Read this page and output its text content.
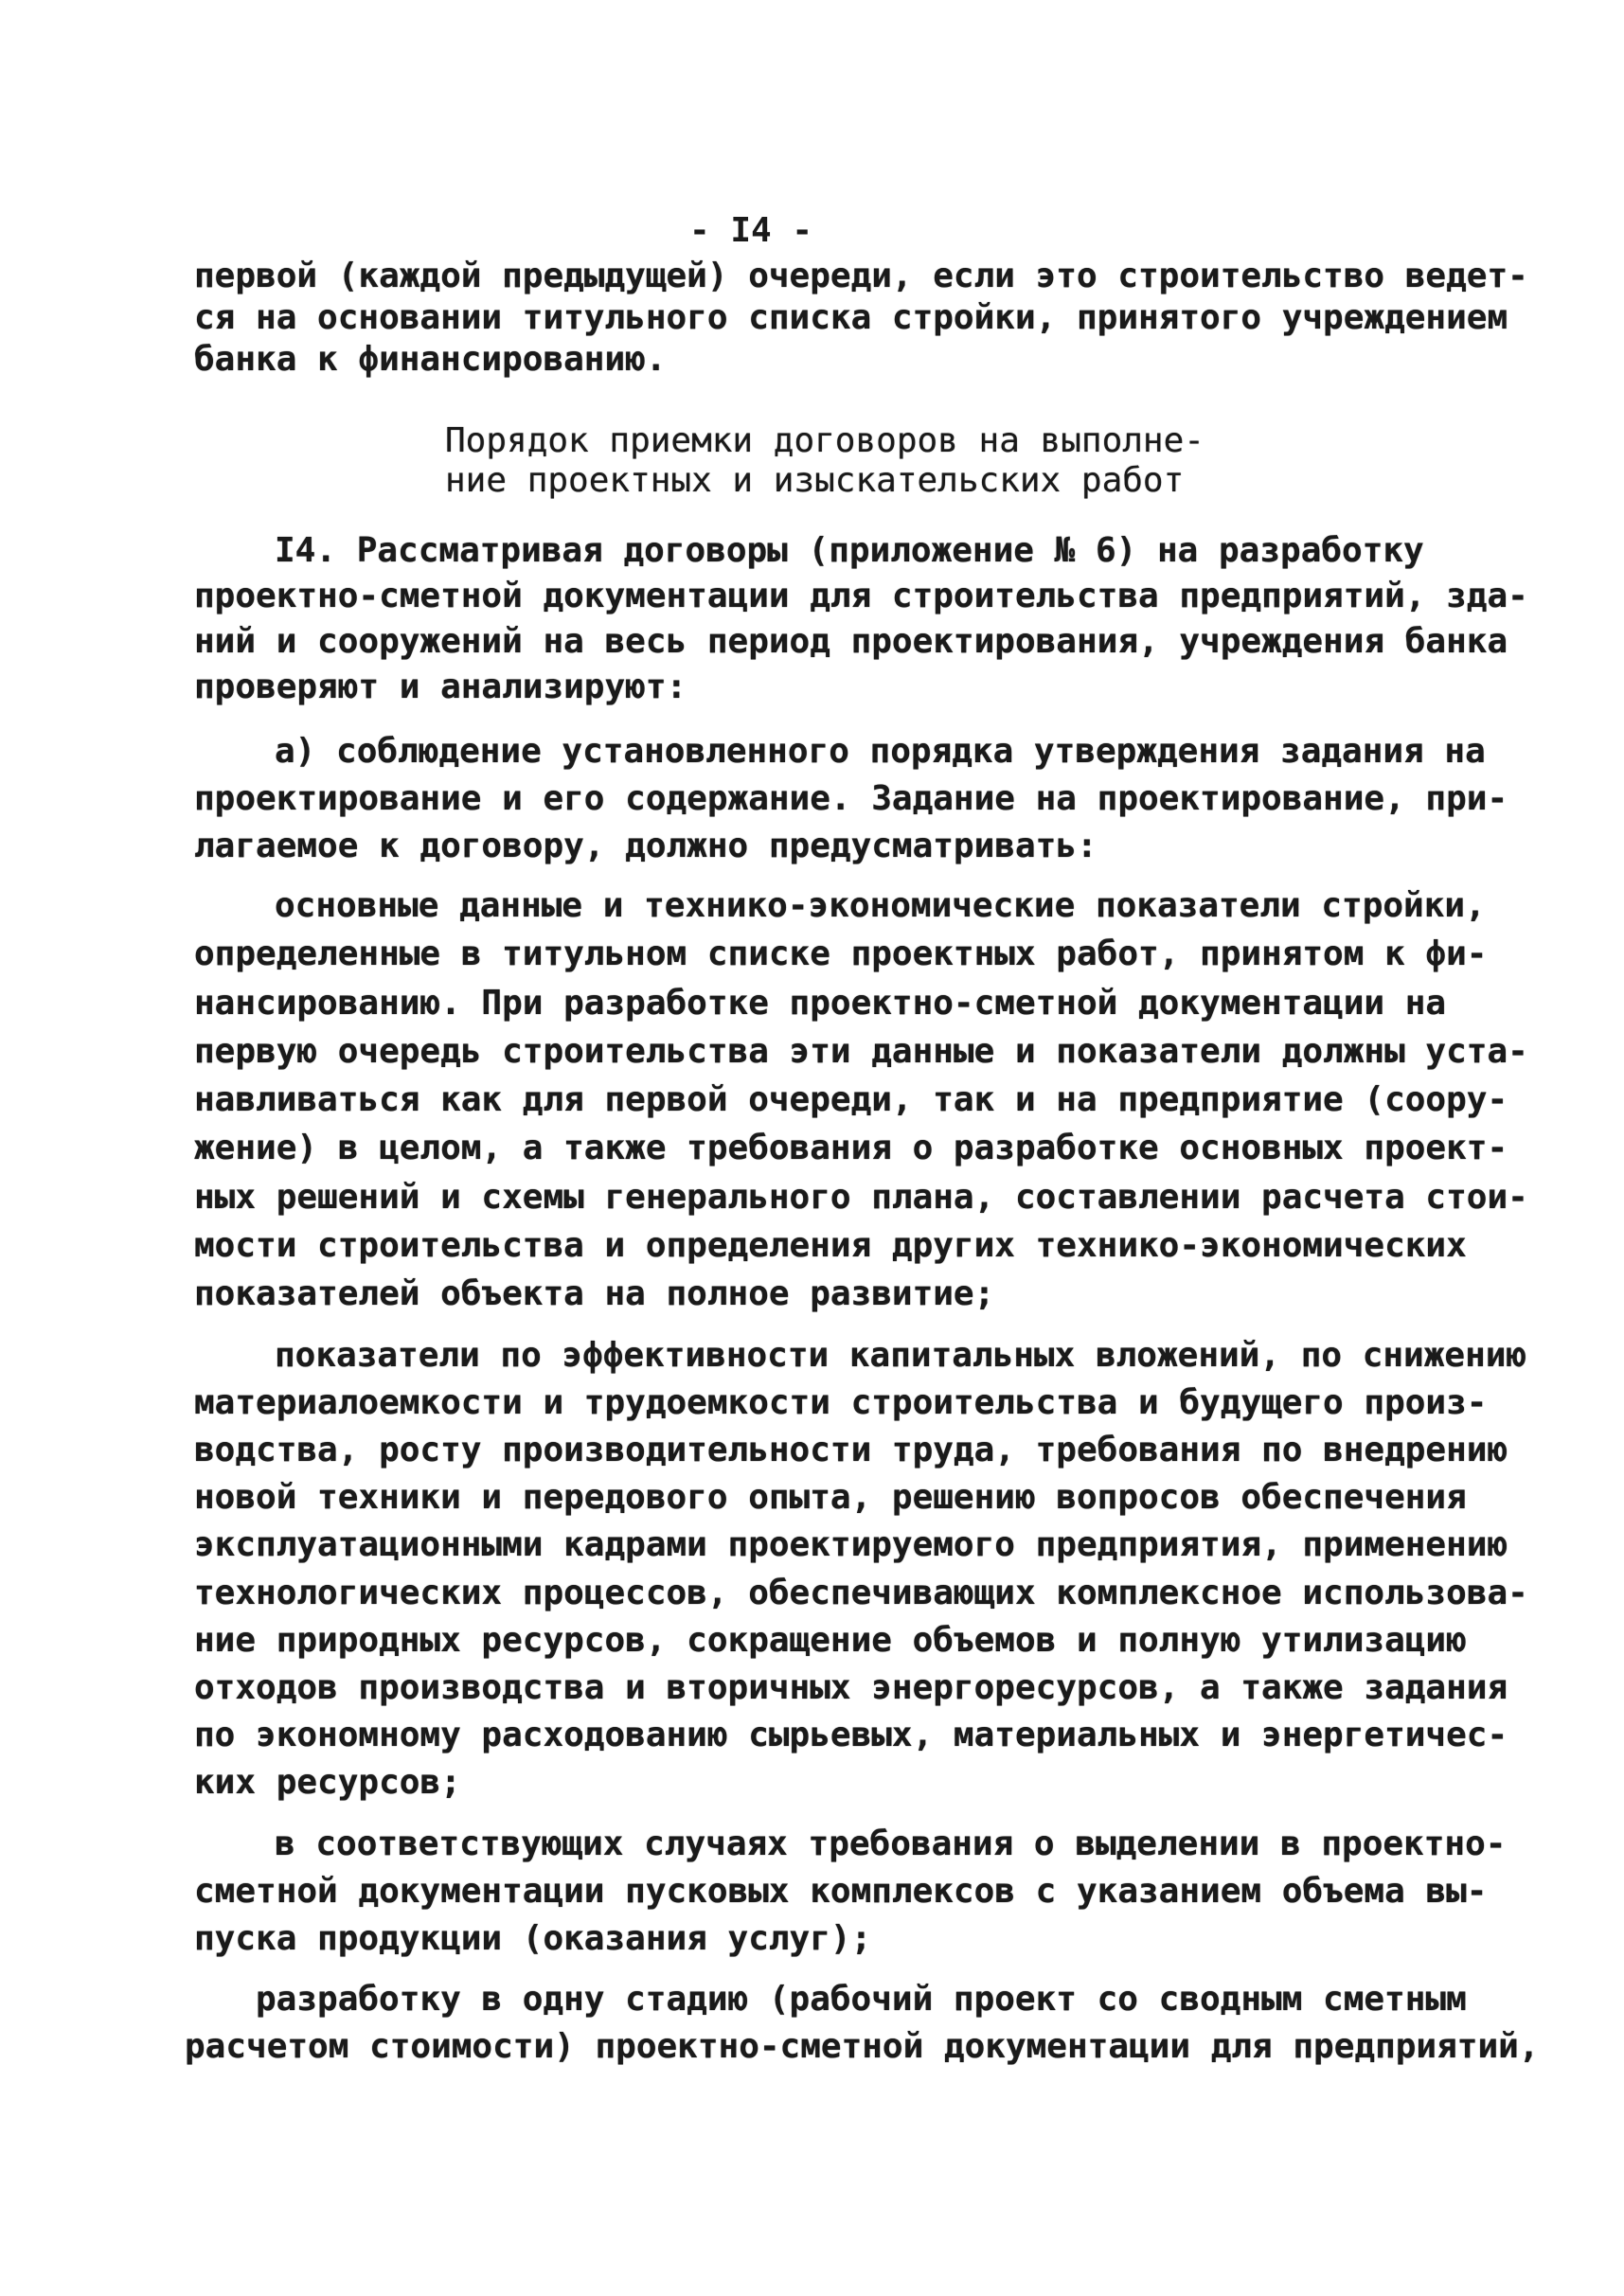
- I4 -
первой (каждой предыдущей) очереди, если это строительство ведет-
ся на основании титульного списка стройки, принятого учреждением
банка к финансированию.
Порядок приемки договоров на выполне-
ние проектных и изыскательских работ
I4. Рассматривая договоры (приложение № 6) на разработку
проектно-сметной документации для строительства предприятий, зда-
ний и сооружений на весь период проектирования, учреждения банка
проверяют и анализируют:
а) соблюдение установленного порядка утверждения задания на
проектирование и его содержание. Задание на проектирование, при-
лагаемое к договору, должно предусматривать:
основные данные и технико-экономические показатели стройки,
определенные в титульном списке проектных работ, принятом к фи-
нансированию. При разработке проектно-сметной документации на
первую очередь строительства эти данные и показатели должны уста-
навливаться как для первой очереди, так и на предприятие (соору-
жение) в целом, а также требования о разработке основных проект-
ных решений и схемы генерального плана, составлении расчета стои-
мости строительства и определения других технико-экономических
показателей объекта на полное развитие;
показатели по эффективности капитальных вложений, по снижению
материалоемкости и трудоемкости строительства и будущего произ-
водства, росту производительности труда, требования по внедрению
новой техники и передового опыта, решению вопросов обеспечения
эксплуатационными кадрами проектируемого предприятия, применению
технологических процессов, обеспечивающих комплексное использова-
ние природных ресурсов, сокращение объемов и полную утилизацию
отходов производства и вторичных энергоресурсов, а также задания
по экономному расходованию сырьевых, материальных и энергетичес-
ких ресурсов;
в соответствующих случаях требования о выделении в проектно-
сметной документации пусковых комплексов с указанием объема вы-
пуска продукции (оказания услуг);
разработку в одну стадию (рабочий проект со сводным сметным
расчетом стоимости) проектно-сметной документации для предприятий,
